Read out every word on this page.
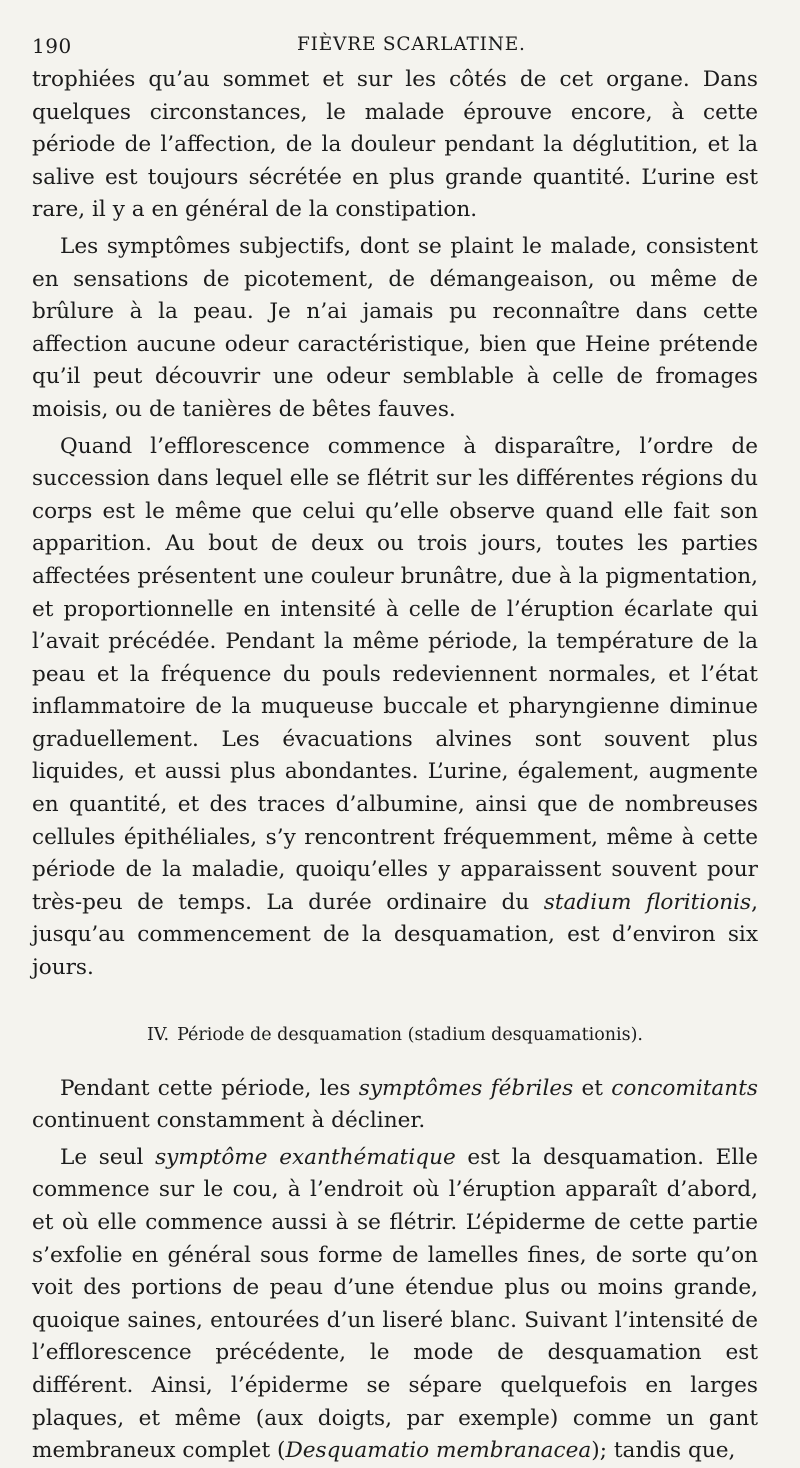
190	FIÈVRE SCARLATINE.

trophiées qu’au sommet et sur les côtés de cet organe. Dans quelques circonstances, le malade éprouve encore, à cette période de l’affection, de la douleur pendant la déglutition, et la salive est toujours sécrétée en plus grande quantité. L’urine est rare, il y a en général de la constipation.

Les symptômes subjectifs, dont se plaint le malade, consistent en sensations de picotement, de démangeaison, ou même de brûlure à la peau. Je n’ai jamais pu reconnaître dans cette affection aucune odeur caractéristique, bien que Heine prétende qu’il peut découvrir une odeur semblable à celle de fromages moisis, ou de tanières de bêtes fauves.

Quand l’efflorescence commence à disparaître, l’ordre de succession dans lequel elle se flétrit sur les différentes régions du corps est le même que celui qu’elle observe quand elle fait son apparition. Au bout de deux ou trois jours, toutes les parties affectées présentent une couleur brunâtre, due à la pigmentation, et proportionnelle en intensité à celle de l’éruption écarlate qui l’avait précédée. Pendant la même période, la température de la peau et la fréquence du pouls redeviennent normales, et l’état inflammatoire de la muqueuse buccale et pharyngienne diminue graduellement. Les évacuations alvines sont souvent plus liquides, et aussi plus abondantes. L’urine, également, augmente en quantité, et des traces d’albumine, ainsi que de nombreuses cellules épithéliales, s’y rencontrent fréquemment, même à cette période de la maladie, quoiqu’elles y apparaissent souvent pour très-peu de temps. La durée ordinaire du stadium floritionis, jusqu’au commencement de la desquamation, est d’environ six jours.

IV. Période de desquamation (stadium desquamationis).

Pendant cette période, les symptômes fébriles et concomitants continuent constamment à décliner.

Le seul symptôme exanthématique est la desquamation. Elle commence sur le cou, à l’endroit où l’éruption apparaît d’abord, et où elle commence aussi à se flétrir. L’épiderme de cette partie s’exfolie en général sous forme de lamelles fines, de sorte qu’on voit des portions de peau d’une étendue plus ou moins grande, quoique saines, entourées d’un liseré blanc. Suivant l’intensité de l’efflorescence précédente, le mode de desquamation est différent. Ainsi, l’épiderme se sépare quelquefois en larges plaques, et même (aux doigts, par exemple) comme un gant membraneux complet (Desquamatio membranacea); tandis que,
